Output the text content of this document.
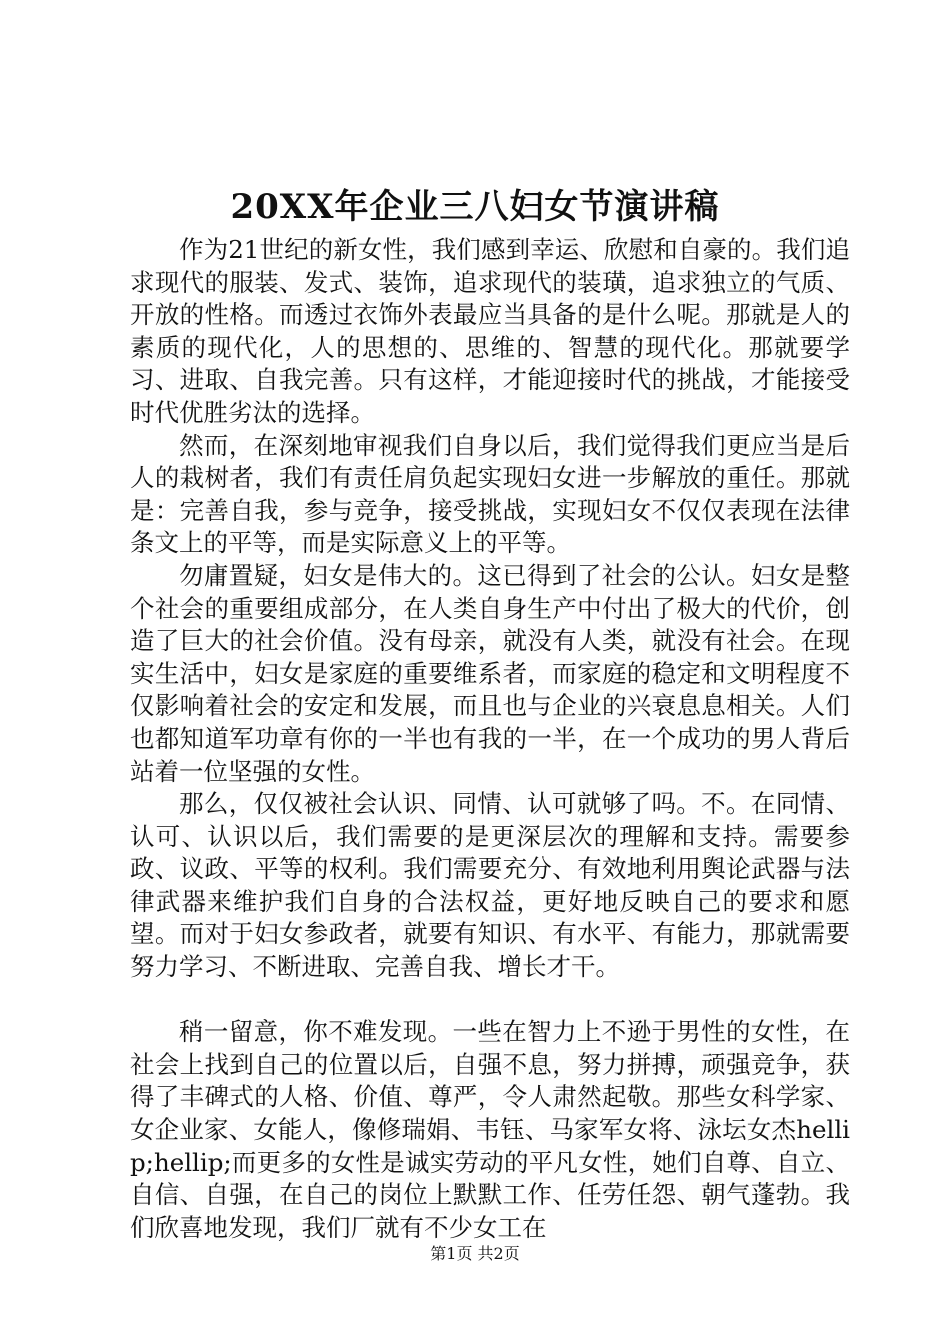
20XX年企业三八妇女节演讲稿

作为21世纪的新女性，我们感到幸运、欣慰和自豪的。我们追求现代的服装、发式、装饰，追求现代的装璜，追求独立的气质、开放的性格。而透过衣饰外表最应当具备的是什么呢。那就是人的素质的现代化，人的思想的、思维的、智慧的现代化。那就要学习、进取、自我完善。只有这样，才能迎接时代的挑战，才能接受时代优胜劣汰的选择。

然而，在深刻地审视我们自身以后，我们觉得我们更应当是后人的栽树者，我们有责任肩负起实现妇女进一步解放的重任。那就是：完善自我，参与竞争，接受挑战，实现妇女不仅仅表现在法律条文上的平等，而是实际意义上的平等。

勿庸置疑，妇女是伟大的。这已得到了社会的公认。妇女是整个社会的重要组成部分，在人类自身生产中付出了极大的代价，创造了巨大的社会价值。没有母亲，就没有人类，就没有社会。在现实生活中，妇女是家庭的重要维系者，而家庭的稳定和文明程度不仅影响着社会的安定和发展，而且也与企业的兴衰息息相关。人们也都知道军功章有你的一半也有我的一半，在一个成功的男人背后站着一位坚强的女性。

那么，仅仅被社会认识、同情、认可就够了吗。不。在同情、认可、认识以后，我们需要的是更深层次的理解和支持。需要参政、议政、平等的权利。我们需要充分、有效地利用舆论武器与法律武器来维护我们自身的合法权益，更好地反映自己的要求和愿望。而对于妇女参政者，就要有知识、有水平、有能力，那就需要努力学习、不断进取、完善自我、增长才干。

稍一留意，你不难发现。一些在智力上不逊于男性的女性，在社会上找到自己的位置以后，自强不息，努力拼搏，顽强竞争，获得了丰碑式的人格、价值、尊严，令人肃然起敬。那些女科学家、女企业家、女能人，像修瑞娟、韦钰、马家军女将、泳坛女杰hellip;hellip;而更多的女性是诚实劳动的平凡女性，她们自尊、自立、自信、自强，在自己的岗位上默默工作、任劳任怨、朝气蓬勃。我们欣喜地发现，我们厂就有不少女工在

第1页 共2页
